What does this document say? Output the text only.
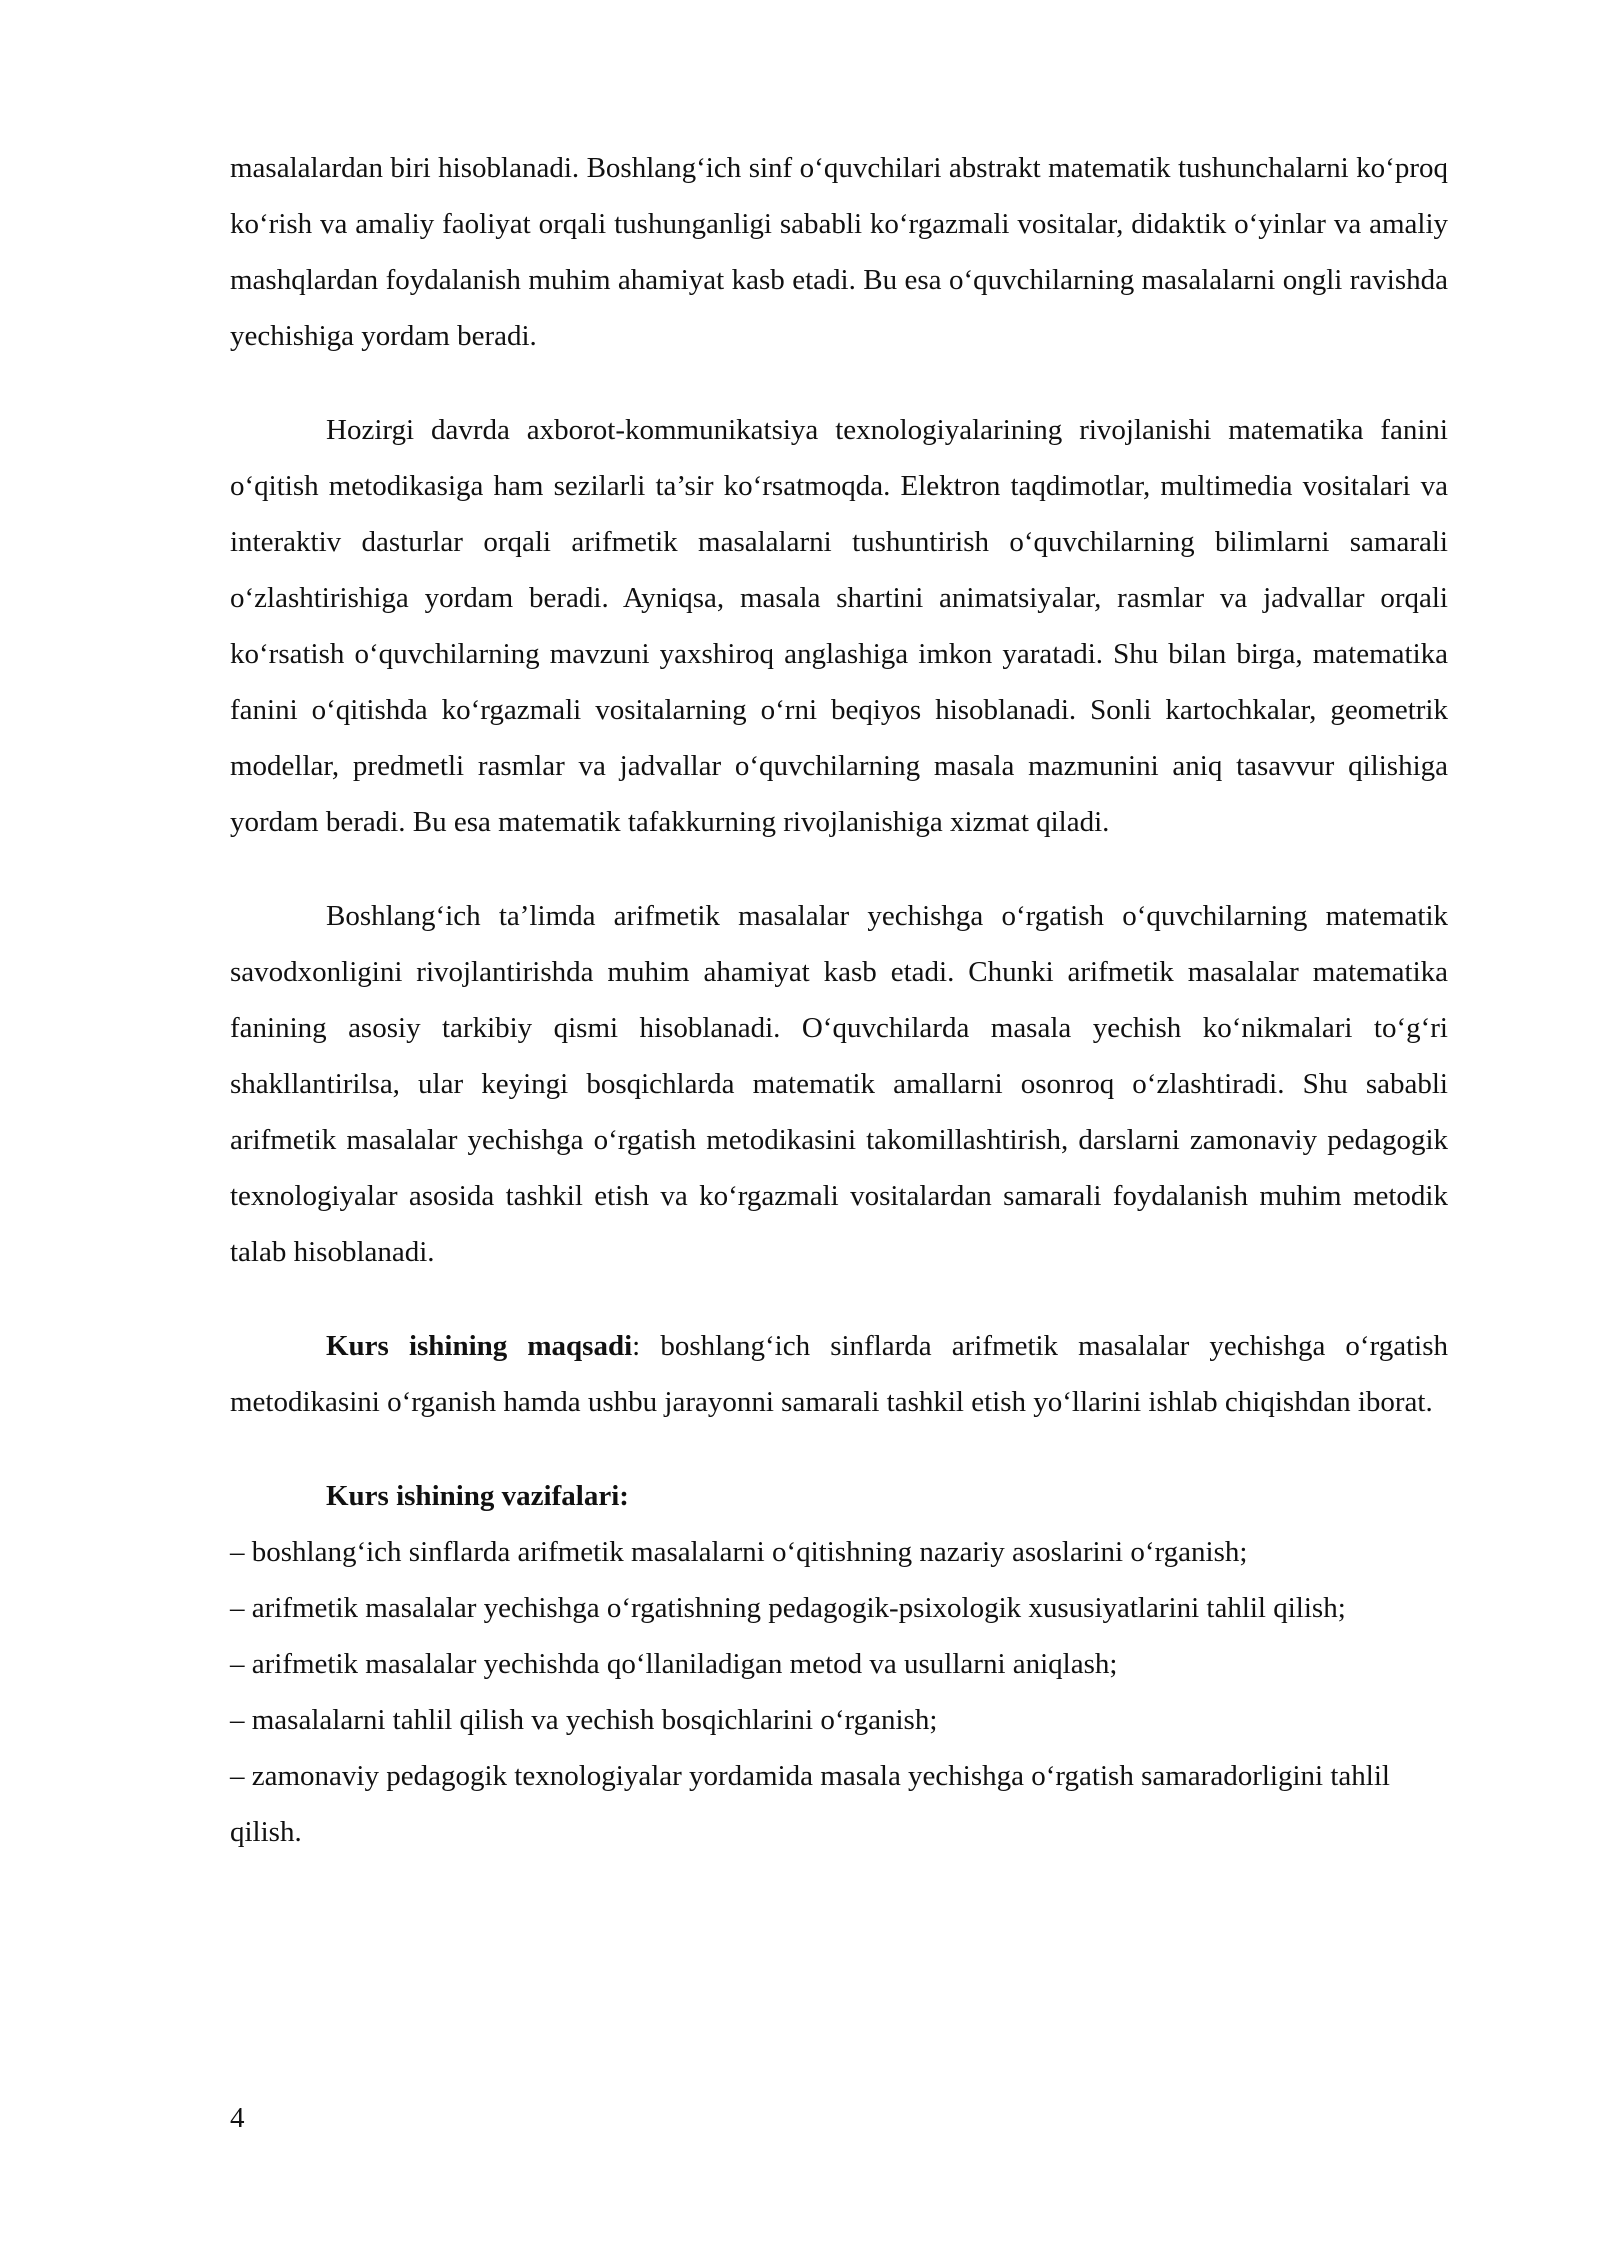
masalalardan biri hisoblanadi. Boshlang‘ich sinf o‘quvchilari abstrakt matematik tushunchalarni ko‘proq ko‘rish va amaliy faoliyat orqali tushunganligi sababli ko‘rgazmali vositalar, didaktik o‘yinlar va amaliy mashqlardan foydalanish muhim ahamiyat kasb etadi. Bu esa o‘quvchilarning masalalarni ongli ravishda yechishiga yordam beradi.

Hozirgi davrda axborot-kommunikatsiya texnologiyalarining rivojlanishi matematika fanini o‘qitish metodikasiga ham sezilarli ta’sir ko‘rsatmoqda. Elektron taqdimotlar, multimedia vositalari va interaktiv dasturlar orqali arifmetik masalalarni tushuntirish o‘quvchilarning bilimlarni samarali o‘zlashtirishiga yordam beradi. Ayniqsa, masala shartini animatsiyalar, rasmlar va jadvallar orqali ko‘rsatish o‘quvchilarning mavzuni yaxshiroq anglashiga imkon yaratadi. Shu bilan birga, matematika fanini o‘qitishda ko‘rgazmali vositalarning o‘rni beqiyos hisoblanadi. Sonli kartochkalar, geometrik modellar, predmetli rasmlar va jadvallar o‘quvchilarning masala mazmunini aniq tasavvur qilishiga yordam beradi. Bu esa matematik tafakkurning rivojlanishiga xizmat qiladi.

Boshlang‘ich ta’limda arifmetik masalalar yechishga o‘rgatish o‘quvchilarning matematik savodxonligini rivojlantirishda muhim ahamiyat kasb etadi. Chunki arifmetik masalalar matematika fanining asosiy tarkibiy qismi hisoblanadi. O‘quvchilarda masala yechish ko‘nikmalari to‘g‘ri shakllantirilsa, ular keyingi bosqichlarda matematik amallarni osonroq o‘zlashtiradi. Shu sababli arifmetik masalalar yechishga o‘rgatish metodikasini takomillashtirish, darslarni zamonaviy pedagogik texnologiyalar asosida tashkil etish va ko‘rgazmali vositalardan samarali foydalanish muhim metodik talab hisoblanadi.

Kurs ishining maqsadi: boshlang‘ich sinflarda arifmetik masalalar yechishga o‘rgatish metodikasini o‘rganish hamda ushbu jarayonni samarali tashkil etish yo‘llarini ishlab chiqishdan iborat.

Kurs ishining vazifalari:

– boshlang‘ich sinflarda arifmetik masalalarni o‘qitishning nazariy asoslarini o‘rganish;
– arifmetik masalalar yechishga o‘rgatishning pedagogik-psixologik xususiyatlarini tahlil qilish;
– arifmetik masalalar yechishda qo‘llaniladigan metod va usullarni aniqlash;
– masalalarni tahlil qilish va yechish bosqichlarini o‘rganish;
– zamonaviy pedagogik texnologiyalar yordamida masala yechishga o‘rgatish samaradorligini tahlil qilish.
4
